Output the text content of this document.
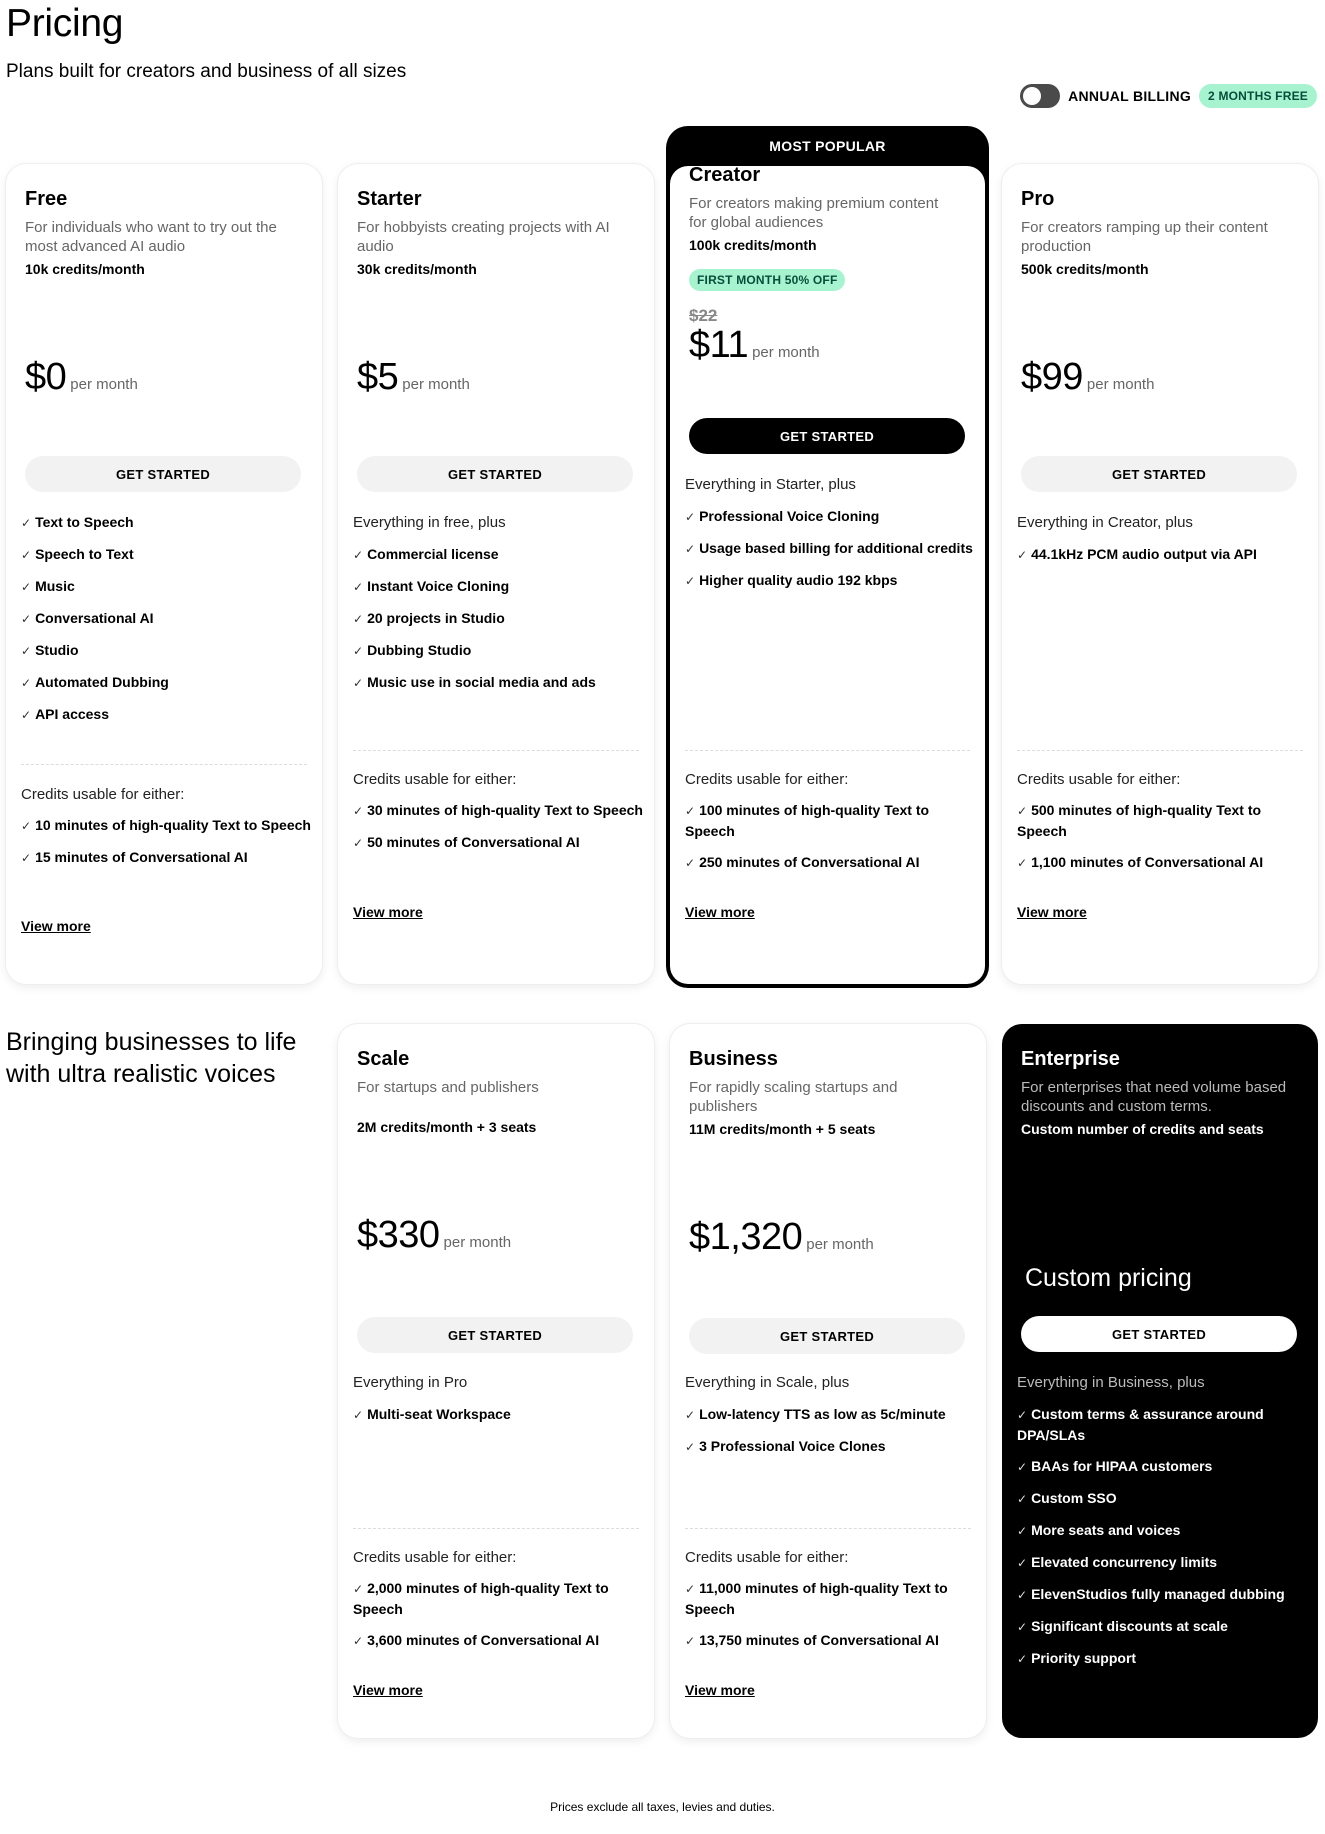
Pricing
Plans built for creators and business of all sizes
ANNUAL BILLING	2 MONTHS FREE
Free
For individuals who want to try out the most advanced AI audio
10k credits/month
$0 per month
GET STARTED
✓ Text to Speech
✓ Speech to Text
✓ Music
✓ Conversational AI
✓ Studio
✓ Automated Dubbing
✓ API access
Credits usable for either:
✓ 10 minutes of high-quality Text to Speech
✓ 15 minutes of Conversational AI
View more
Starter
For hobbyists creating projects with AI audio
30k credits/month
$5 per month
GET STARTED
Everything in free, plus
✓ Commercial license
✓ Instant Voice Cloning
✓ 20 projects in Studio
✓ Dubbing Studio
✓ Music use in social media and ads
Credits usable for either:
✓ 30 minutes of high-quality Text to Speech
✓ 50 minutes of Conversational AI
View more
MOST POPULAR
Creator
For creators making premium content for global audiences
100k credits/month
FIRST MONTH 50% OFF
$22
$11 per month
GET STARTED
Everything in Starter, plus
✓ Professional Voice Cloning
✓ Usage based billing for additional credits
✓ Higher quality audio 192 kbps
Credits usable for either:
✓ 100 minutes of high-quality Text to Speech
✓ 250 minutes of Conversational AI
View more
Pro
For creators ramping up their content production
500k credits/month
$99 per month
GET STARTED
Everything in Creator, plus
✓ 44.1kHz PCM audio output via API
Credits usable for either:
✓ 500 minutes of high-quality Text to Speech
✓ 1,100 minutes of Conversational AI
View more
Bringing businesses to life with ultra realistic voices
Scale
For startups and publishers
2M credits/month + 3 seats
$330 per month
GET STARTED
Everything in Pro
✓ Multi-seat Workspace
Credits usable for either:
✓ 2,000 minutes of high-quality Text to Speech
✓ 3,600 minutes of Conversational AI
View more
Business
For rapidly scaling startups and publishers
11M credits/month + 5 seats
$1,320 per month
GET STARTED
Everything in Scale, plus
✓ Low-latency TTS as low as 5c/minute
✓ 3 Professional Voice Clones
Credits usable for either:
✓ 11,000 minutes of high-quality Text to Speech
✓ 13,750 minutes of Conversational AI
View more
Enterprise
For enterprises that need volume based discounts and custom terms.
Custom number of credits and seats
Custom pricing
GET STARTED
Everything in Business, plus
✓ Custom terms & assurance around DPA/SLAs
✓ BAAs for HIPAA customers
✓ Custom SSO
✓ More seats and voices
✓ Elevated concurrency limits
✓ ElevenStudios fully managed dubbing
✓ Significant discounts at scale
✓ Priority support
Prices exclude all taxes, levies and duties.
